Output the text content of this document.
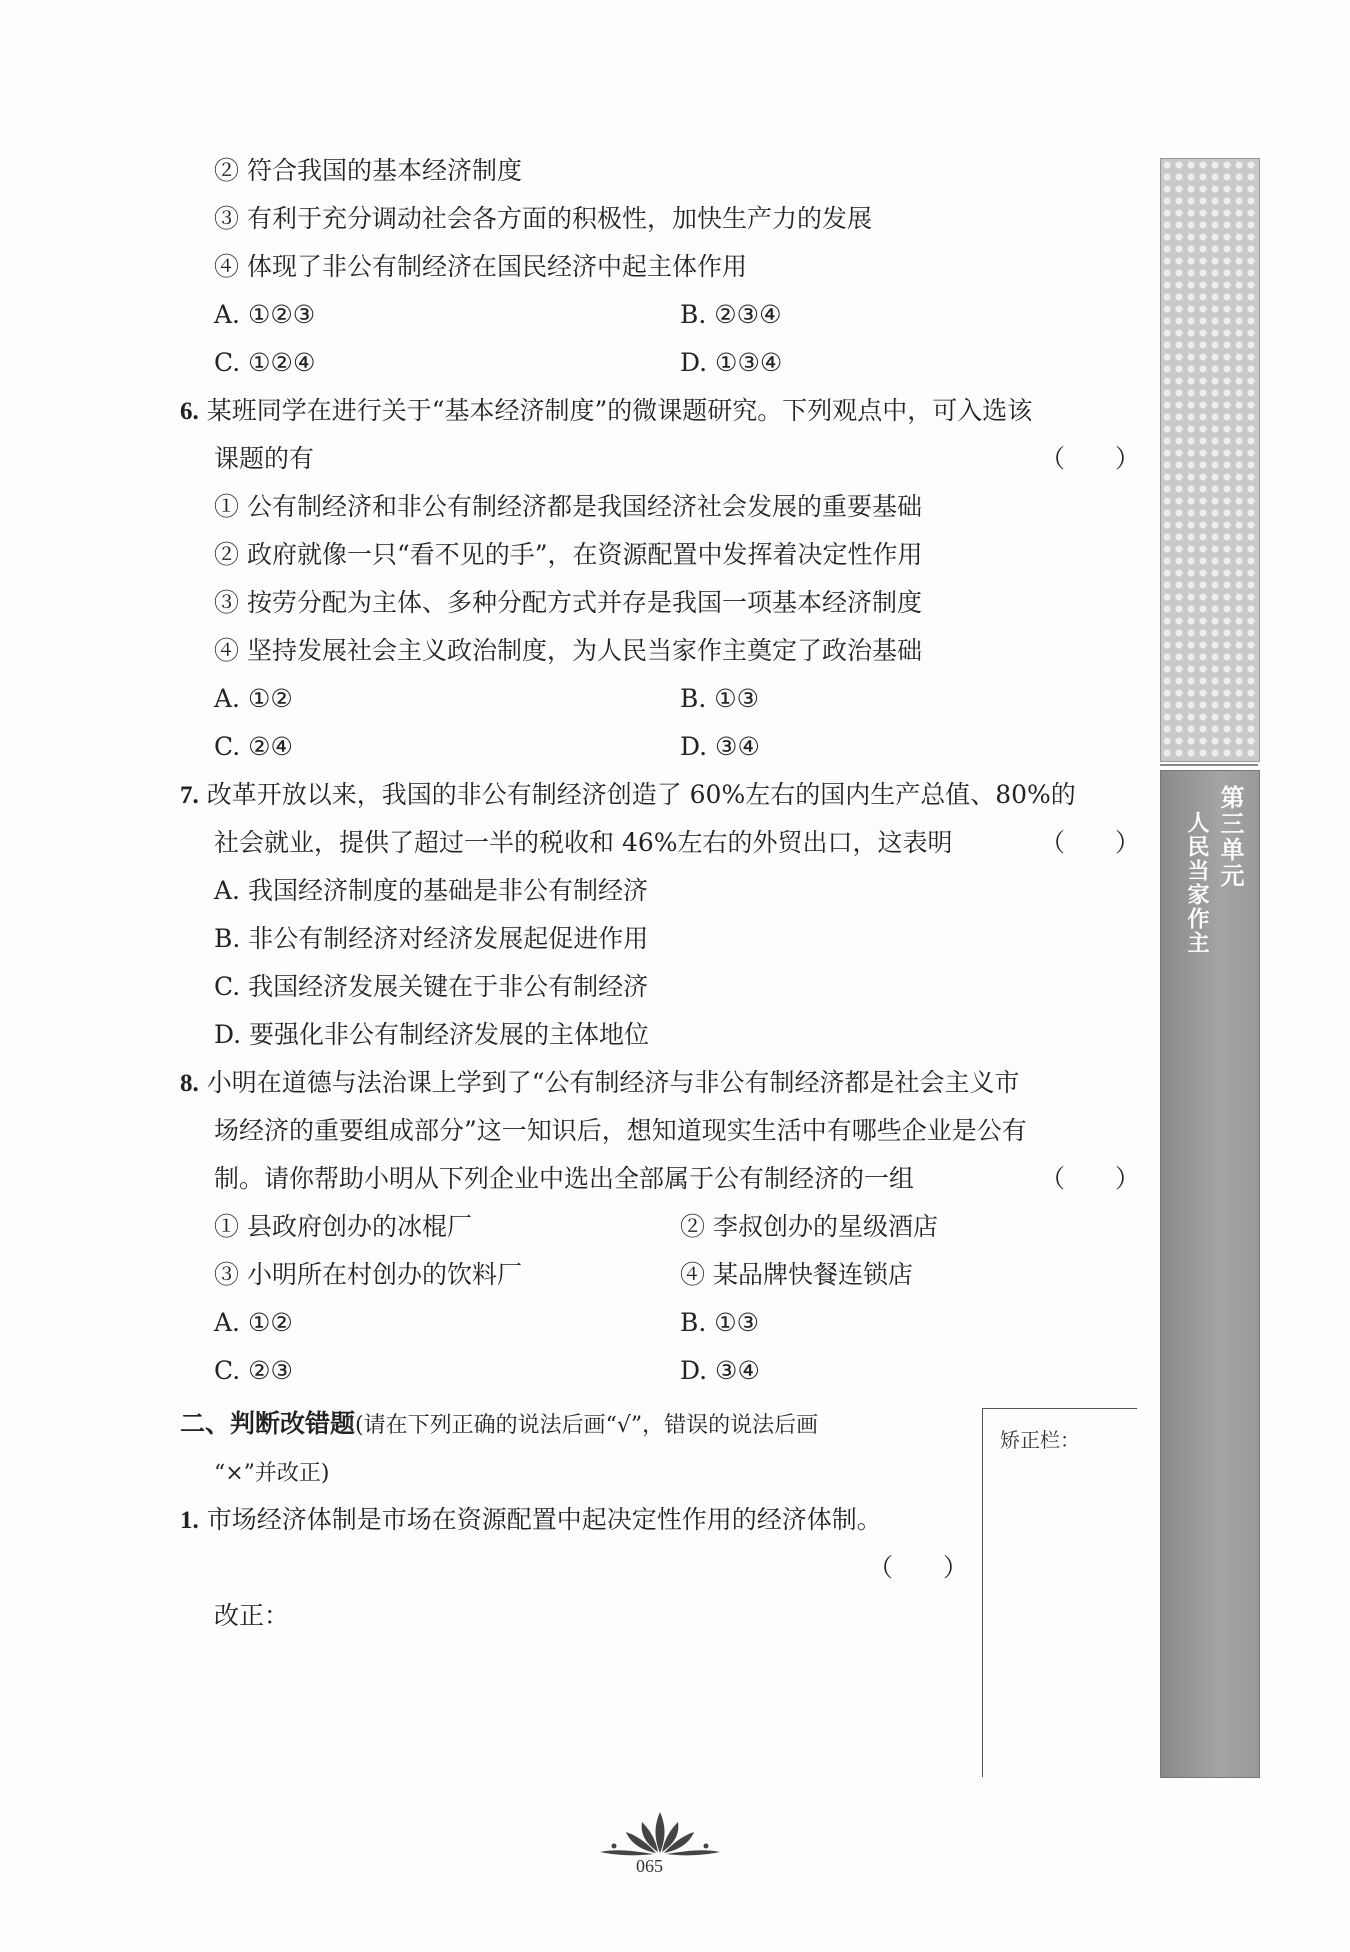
第三单元
人民当家作主
② 符合我国的基本经济制度
③ 有利于充分调动社会各方面的积极性，加快生产力的发展
④ 体现了非公有制经济在国民经济中起主体作用
A. ①②③	B. ②③④
C. ①②④	D. ①③④
6. 某班同学在进行关于“基本经济制度”的微课题研究。下列观点中，可入选该
课题的有	（　　）
① 公有制经济和非公有制经济都是我国经济社会发展的重要基础
② 政府就像一只“看不见的手”，在资源配置中发挥着决定性作用
③ 按劳分配为主体、多种分配方式并存是我国一项基本经济制度
④ 坚持发展社会主义政治制度，为人民当家作主奠定了政治基础
A. ①②	B. ①③
C. ②④	D. ③④
7. 改革开放以来，我国的非公有制经济创造了 60%左右的国内生产总值、80%的
社会就业，提供了超过一半的税收和 46%左右的外贸出口，这表明	（　　）
A. 我国经济制度的基础是非公有制经济
B. 非公有制经济对经济发展起促进作用
C. 我国经济发展关键在于非公有制经济
D. 要强化非公有制经济发展的主体地位
8. 小明在道德与法治课上学到了“公有制经济与非公有制经济都是社会主义市
场经济的重要组成部分”这一知识后，想知道现实生活中有哪些企业是公有
制。请你帮助小明从下列企业中选出全部属于公有制经济的一组	（　　）
① 县政府创办的冰棍厂	② 李叔创办的星级酒店
③ 小明所在村创办的饮料厂	④ 某品牌快餐连锁店
A. ①②	B. ①③
C. ②③	D. ③④
二、判断改错题(请在下列正确的说法后画“√”，错误的说法后画
“×”并改正)
1. 市场经济体制是市场在资源配置中起决定性作用的经济体制。
（　　）
改正：
矫正栏：
065
